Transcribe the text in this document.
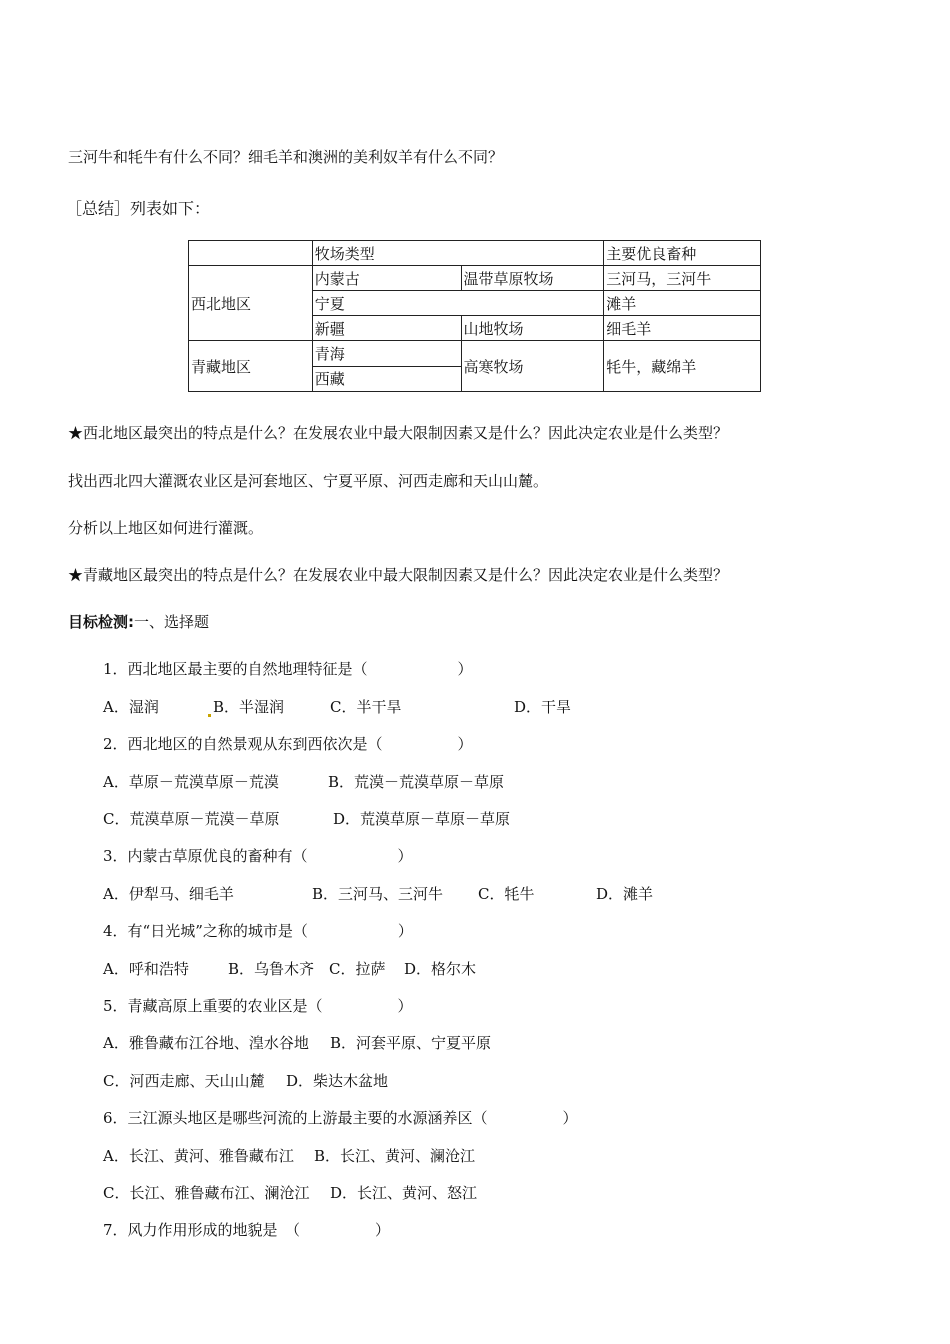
三河牛和牦牛有什么不同？细毛羊和澳洲的美利奴羊有什么不同？
［总结］列表如下：
	牧场类型		主要优良畜种
西北地区	内蒙古	温带草原牧场	三河马，三河牛
	宁夏		滩羊
	新疆	山地牧场	细毛羊
青藏地区	青海	高寒牧场	牦牛，藏绵羊
	西藏		
★西北地区最突出的特点是什么？在发展农业中最大限制因素又是什么？因此决定农业是什么类型？
找出西北四大灌溉农业区是河套地区、宁夏平原、河西走廊和天山山麓。
分析以上地区如何进行灌溉。
★青藏地区最突出的特点是什么？在发展农业中最大限制因素又是什么？因此决定农业是什么类型？
目标检测:一、选择题
1．西北地区最主要的自然地理特征是（　　　　　　）
A．湿润	B．半湿润	C．半干旱	D．干旱
2．西北地区的自然景观从东到西依次是（　　　　　）
A．草原－荒漠草原－荒漠	B．荒漠－荒漠草原－草原
C．荒漠草原－荒漠－草原	D．荒漠草原－草原－草原
3．内蒙古草原优良的畜种有（　　　　　　）
A．伊犁马、细毛羊	B．三河马、三河牛 C．牦牛	D．滩羊
4．有“日光城”之称的城市是（　　　　　　）
A．呼和浩特	B．乌鲁木齐 C．拉萨 D．格尔木
5．青藏高原上重要的农业区是（　　　　　）
A．雅鲁藏布江谷地、湟水谷地 B．河套平原、宁夏平原
C．河西走廊、天山山麓 D．柴达木盆地
6．三江源头地区是哪些河流的上游最主要的水源涵养区（　　　　　）
A．长江、黄河、雅鲁藏布江 B．长江、黄河、澜沧江
C．长江、雅鲁藏布江、澜沧江 D．长江、黄河、怒江
7．风力作用形成的地貌是　（　　　　　）
